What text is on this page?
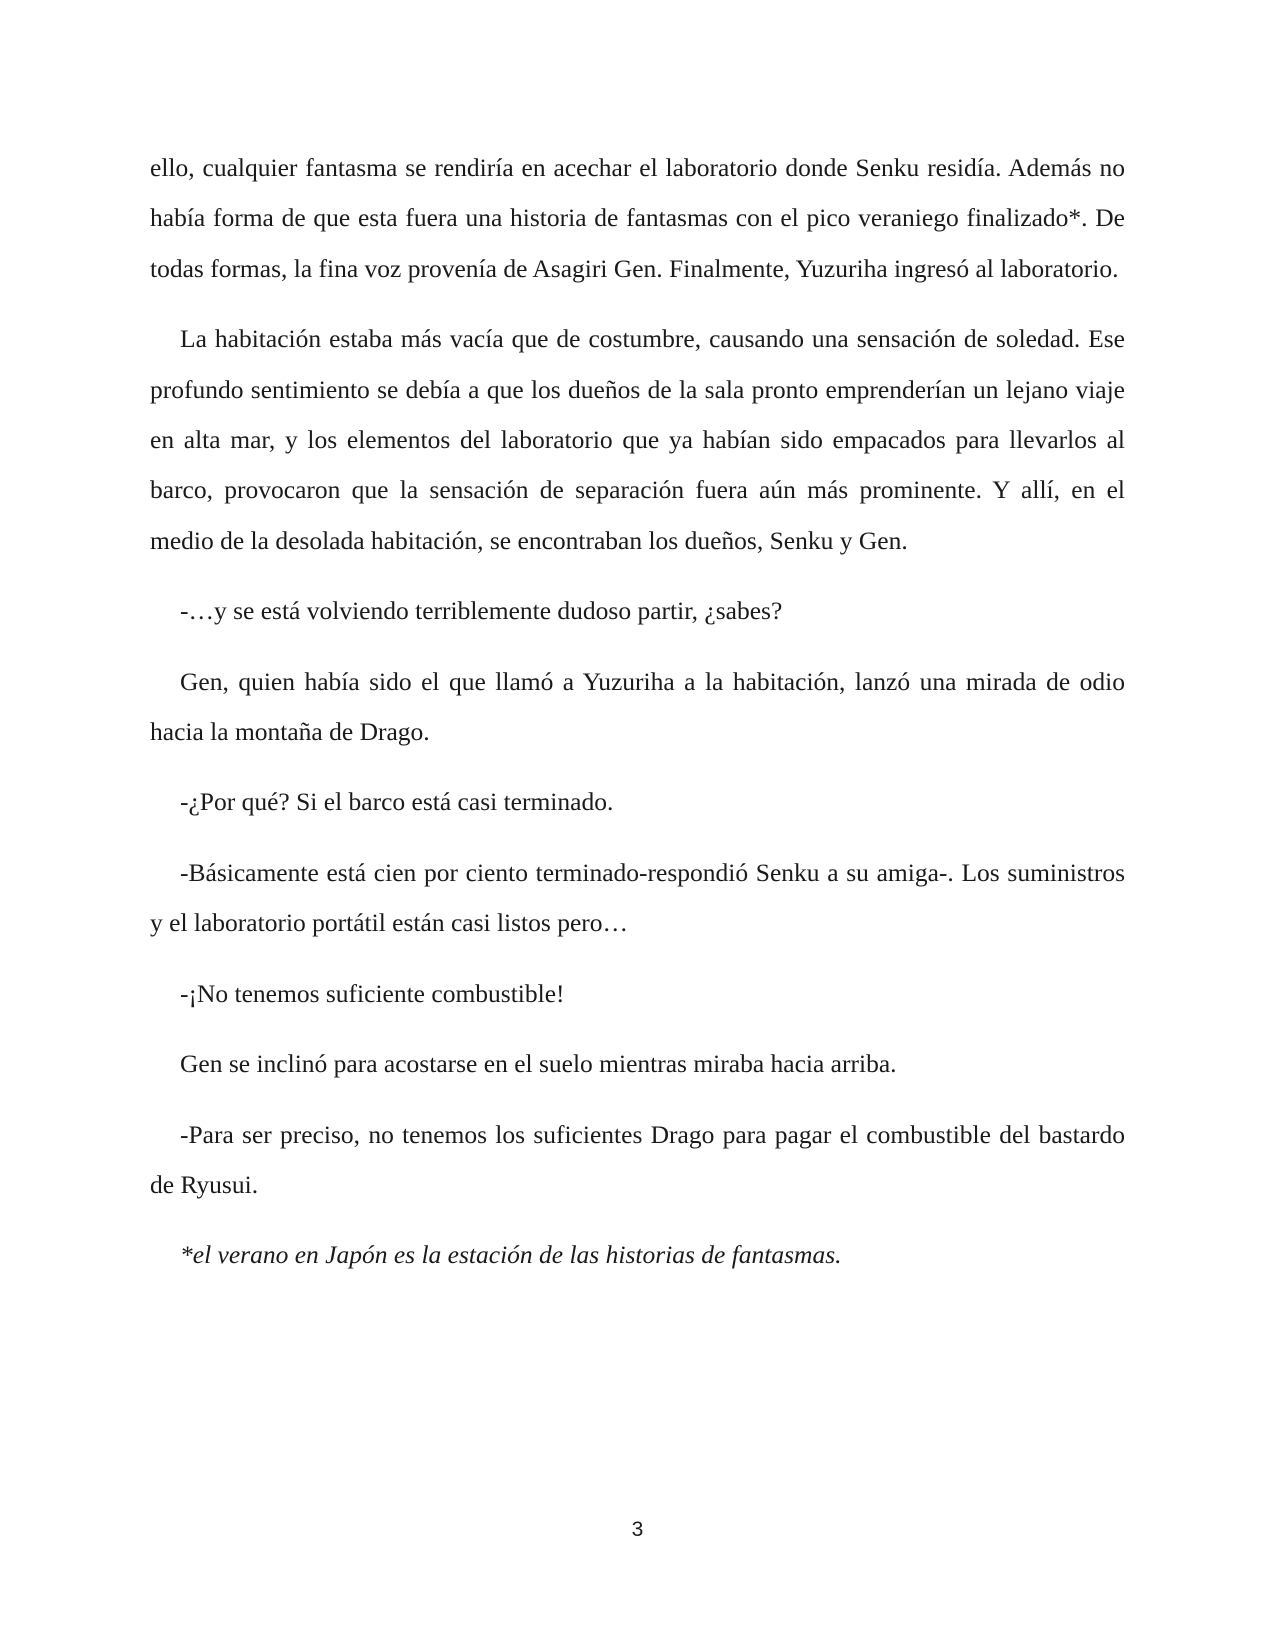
ello, cualquier fantasma se rendiría en acechar el laboratorio donde Senku residía. Además no había forma de que esta fuera una historia de fantasmas con el pico veraniego finalizado*. De todas formas, la fina voz provenía de Asagiri Gen. Finalmente, Yuzuriha ingresó al laboratorio.

La habitación estaba más vacía que de costumbre, causando una sensación de soledad. Ese profundo sentimiento se debía a que los dueños de la sala pronto emprenderían un lejano viaje en alta mar, y los elementos del laboratorio que ya habían sido empacados para llevarlos al barco, provocaron que la sensación de separación fuera aún más prominente. Y allí, en el medio de la desolada habitación, se encontraban los dueños, Senku y Gen.

-…y se está volviendo terriblemente dudoso partir, ¿sabes?

Gen, quien había sido el que llamó a Yuzuriha a la habitación, lanzó una mirada de odio hacia la montaña de Drago.

-¿Por qué? Si el barco está casi terminado.

-Básicamente está cien por ciento terminado-respondió Senku a su amiga-. Los suministros y el laboratorio portátil están casi listos pero…

-¡No tenemos suficiente combustible!

Gen se inclinó para acostarse en el suelo mientras miraba hacia arriba.

-Para ser preciso, no tenemos los suficientes Drago para pagar el combustible del bastardo de Ryusui.

*el verano en Japón es la estación de las historias de fantasmas.

3
